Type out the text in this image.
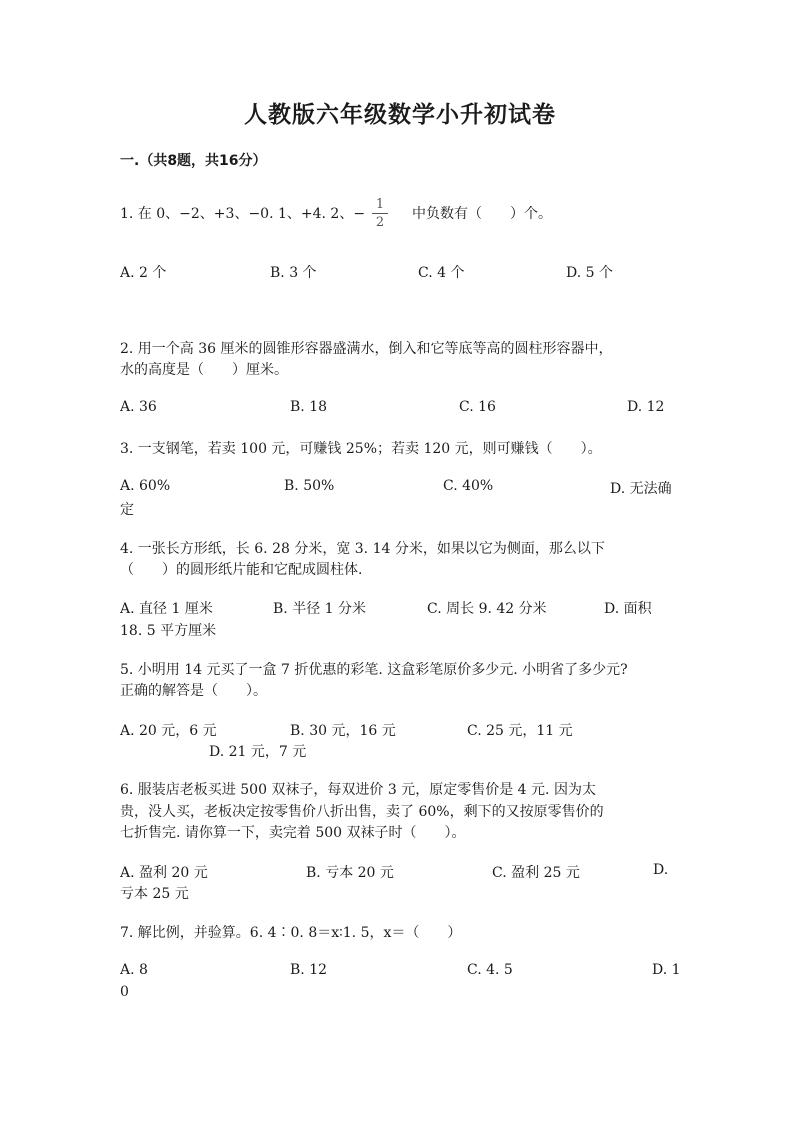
人教版六年级数学小升初试卷
一.（共8题，共16分）
1. 在 0、−2、+3、−0. 1、+4. 2、−
1
2
中负数有（　　）个。
A. 2 个	B. 3 个	C. 4 个	D. 5 个
2. 用一个高 36 厘米的圆锥形容器盛满水，倒入和它等底等高的圆柱形容器中，
水的高度是（　　）厘米。
A. 36	B. 18	C. 16	D. 12
3. 一支钢笔，若卖 100 元，可赚钱 25%；若卖 120 元，则可赚钱（　　）。
A. 60%	B. 50%	C. 40%	D. 无法确
定
4. 一张长方形纸，长 6. 28 分米，宽 3. 14 分米，如果以它为侧面，那么以下
（　　）的圆形纸片能和它配成圆柱体.
A. 直径 1 厘米	B. 半径 1 分米	C. 周长 9. 42 分米	D. 面积
18. 5 平方厘米
5. 小明用 14 元买了一盒 7 折优惠的彩笔. 这盒彩笔原价多少元. 小明省了多少元?
正确的解答是（　　）。
A. 20 元，6 元	B. 30 元，16 元	C. 25 元，11 元
D. 21 元，7 元
6. 服装店老板买进 500 双袜子，每双进价 3 元，原定零售价是 4 元. 因为太
贵，没人买，老板决定按零售价八折出售，卖了 60%，剩下的又按原零售价的
七折售完. 请你算一下，卖完着 500 双袜子时（　　）。
A. 盈利 20 元	B. 亏本 20 元	C. 盈利 25 元	D.
亏本 25 元
7. 解比例，并验算。6. 4∶0. 8＝x∶1. 5，x＝（　　）
A. 8	B. 12	C. 4. 5	D. 1
0
